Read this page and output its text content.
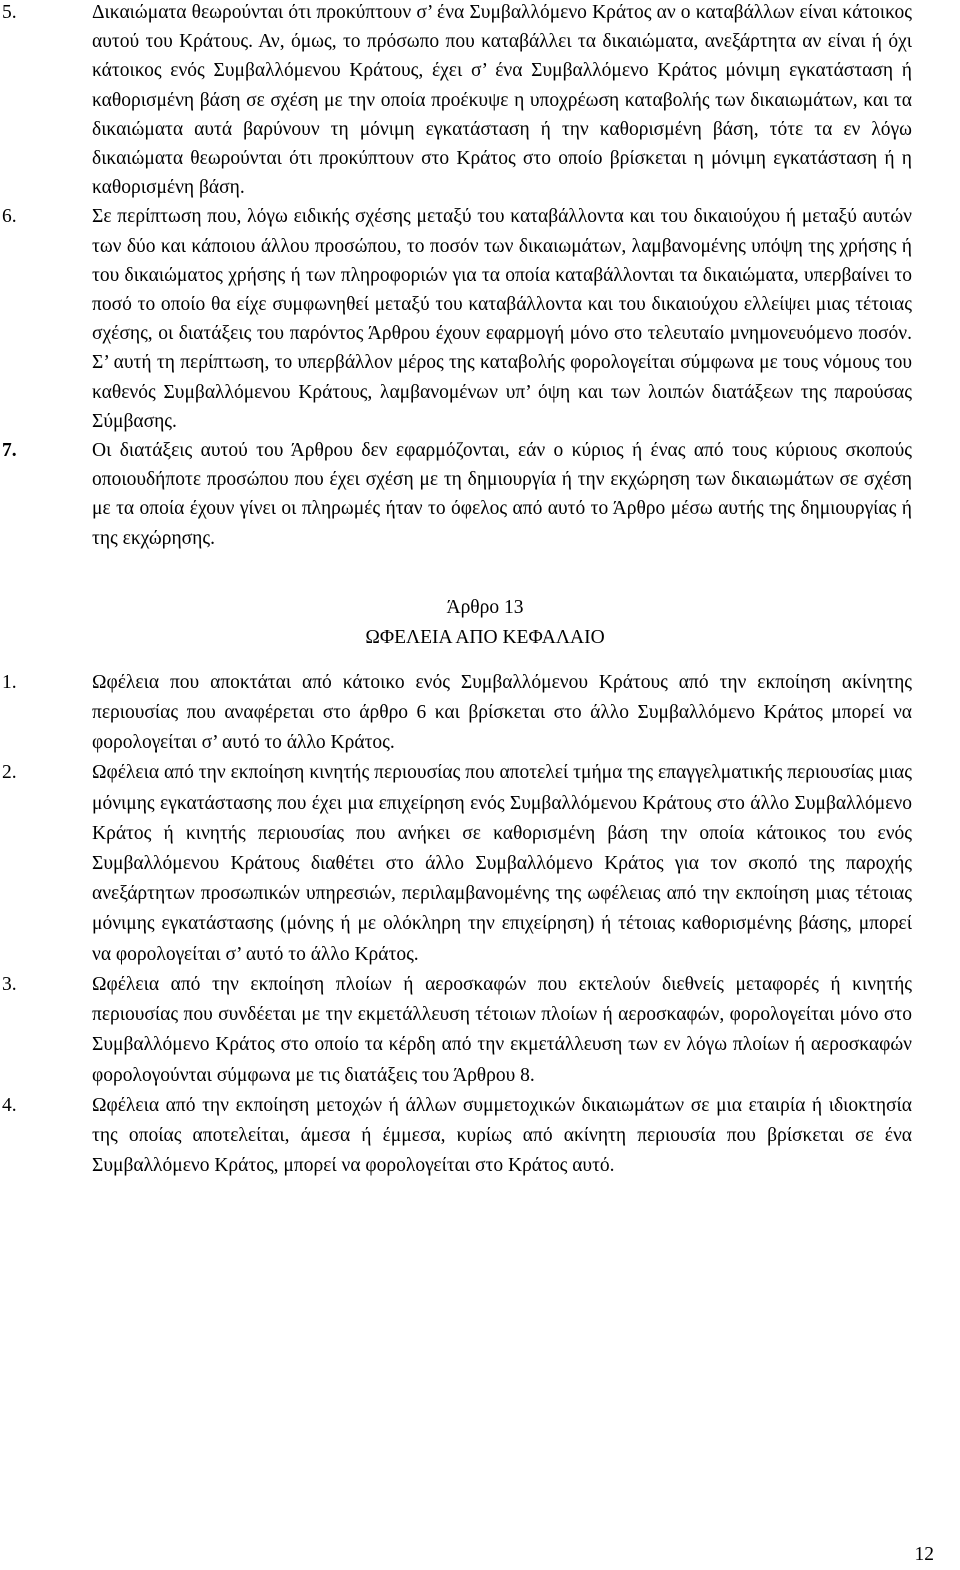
5.	Δικαιώματα θεωρούνται ότι προκύπτουν σ’ ένα Συμβαλλόμενο Κράτος αν ο καταβάλλων είναι κάτοικος αυτού του Κράτους. Αν, όμως, το πρόσωπο που καταβάλλει τα δικαιώματα, ανεξάρτητα αν είναι ή όχι κάτοικος ενός Συμβαλλόμενου Κράτους, έχει σ’ ένα Συμβαλλόμενο Κράτος μόνιμη εγκατάσταση ή καθορισμένη βάση σε σχέση με την οποία προέκυψε η υποχρέωση καταβολής των δικαιωμάτων, και τα δικαιώματα αυτά βαρύνουν τη μόνιμη εγκατάσταση ή την καθορισμένη βάση, τότε τα εν λόγω δικαιώματα θεωρούνται ότι προκύπτουν στο Κράτος στο οποίο βρίσκεται η μόνιμη εγκατάσταση ή η καθορισμένη βάση.
6.	Σε περίπτωση που, λόγω ειδικής σχέσης μεταξύ του καταβάλλοντα και του δικαιούχου ή μεταξύ αυτών των δύο και κάποιου άλλου προσώπου, το ποσόν των δικαιωμάτων, λαμβανομένης υπόψη της χρήσης ή του δικαιώματος χρήσης ή των πληροφοριών για τα οποία καταβάλλονται τα δικαιώματα, υπερβαίνει το ποσό το οποίο θα είχε συμφωνηθεί μεταξύ του καταβάλλοντα και του δικαιούχου ελλείψει μιας τέτοιας σχέσης, οι διατάξεις του παρόντος Άρθρου έχουν εφαρμογή μόνο στο τελευταίο μνημονευόμενο ποσόν. Σ’ αυτή τη περίπτωση, το υπερβάλλον μέρος της καταβολής φορολογείται σύμφωνα με τους νόμους του καθενός Συμβαλλόμενου Κράτους, λαμβανομένων υπ’ όψη και των λοιπών διατάξεων της παρούσας Σύμβασης.
7.	Οι διατάξεις αυτού του Άρθρου δεν εφαρμόζονται, εάν ο κύριος ή ένας από τους κύριους σκοπούς οποιουδήποτε προσώπου που έχει σχέση με τη δημιουργία ή την εκχώρηση των δικαιωμάτων σε σχέση με τα οποία έχουν γίνει οι πληρωμές ήταν το όφελος από αυτό το Άρθρο μέσω αυτής της δημιουργίας ή της εκχώρησης.
Άρθρο 13
ΩΦΕΛΕΙΑ ΑΠΟ ΚΕΦΑΛΑΙΟ
1.	Ωφέλεια που αποκτάται από κάτοικο ενός Συμβαλλόμενου Κράτους από την εκποίηση ακίνητης περιουσίας που αναφέρεται στο άρθρο 6 και βρίσκεται στο άλλο Συμβαλλόμενο Κράτος μπορεί να φορολογείται σ’ αυτό το άλλο Κράτος.
2.	Ωφέλεια από την εκποίηση κινητής περιουσίας που αποτελεί τμήμα της επαγγελματικής περιουσίας μιας μόνιμης εγκατάστασης που έχει μια επιχείρηση ενός Συμβαλλόμενου Κράτους στο άλλο Συμβαλλόμενο Κράτος ή κινητής περιουσίας που ανήκει σε καθορισμένη βάση την οποία κάτοικος του ενός Συμβαλλόμενου Κράτους διαθέτει στο άλλο Συμβαλλόμενο Κράτος για τον σκοπό της παροχής ανεξάρτητων προσωπικών υπηρεσιών, περιλαμβανομένης της ωφέλειας από την εκποίηση μιας τέτοιας μόνιμης εγκατάστασης (μόνης ή με ολόκληρη την επιχείρηση) ή τέτοιας καθορισμένης βάσης, μπορεί να φορολογείται σ’ αυτό το άλλο Κράτος.
3.	Ωφέλεια από την εκποίηση πλοίων ή αεροσκαφών που εκτελούν διεθνείς μεταφορές ή κινητής περιουσίας που συνδέεται με την εκμετάλλευση τέτοιων πλοίων ή αεροσκαφών, φορολογείται μόνο στο Συμβαλλόμενο Κράτος στο οποίο τα κέρδη από την εκμετάλλευση των εν λόγω πλοίων ή αεροσκαφών φορολογούνται σύμφωνα με τις διατάξεις του Άρθρου 8.
4.	Ωφέλεια από την εκποίηση μετοχών ή άλλων συμμετοχικών δικαιωμάτων σε μια εταιρία ή ιδιοκτησία της οποίας αποτελείται, άμεσα ή έμμεσα, κυρίως από ακίνητη περιουσία που βρίσκεται σε ένα Συμβαλλόμενο Κράτος, μπορεί να φορολογείται στο Κράτος αυτό.
12
